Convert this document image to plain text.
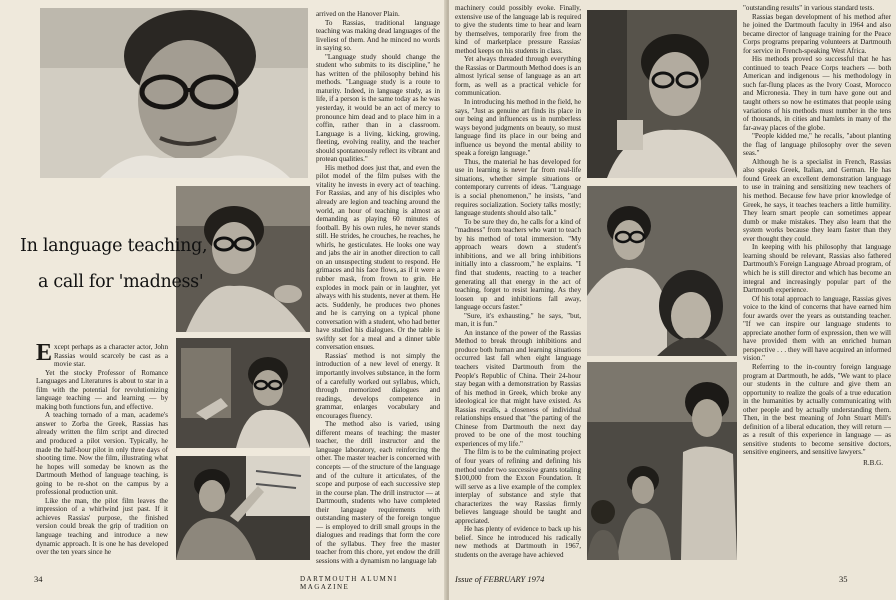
In language teaching,
a call for 'madness'

Except perhaps as a character actor, John Rassias would scarcely be cast as a movie star.

Yet the stocky Professor of Romance Languages and Literatures is about to star in a film with the potential for revolutionizing language teaching — and learning — by making both functions fun, and effective.

A teaching tornado of a man, academe's answer to Zorba the Greek, Rassias has already written the film script and directed and produced a pilot version. Typically, he made the half-hour pilot in only three days of shooting time. Now the film, illustrating what he hopes will someday be known as the Dartmouth Method of language teaching, is going to be re-shot on the campus by a professional production unit.

Like the man, the pilot film leaves the impression of a whirlwind just past. If it achieves Rassias' purpose, the finished version could break the grip of tradition on language teaching and introduce a new dynamic approach. It is one he has developed over the ten years since he

arrived on the Hanover Plain.

To Rassias, traditional language teaching was making dead languages of the liveliest of them. And he minced no words in saying so.

"Language study should change the student who submits to its discipline," he has written of the philosophy behind his methods. "Language study is a route to maturity. Indeed, in language study, as in life, if a person is the same today as he was yesterday, it would be an act of mercy to pronounce him dead and to place him in a coffin, rather than in a classroom. Language is a living, kicking, growing, fleeting, evolving reality, and the teacher should spontaneously reflect its vibrant and protean qualities."

His method does just that, and even the pilot model of the film pulses with the vitality he invests in every act of teaching. For Rassias, and any of his disciples who already are legion and teaching around the world, an hour of teaching is almost as demanding as playing 60 minutes of football. By his own rules, he never stands still. He strides, he crouches, he reaches, he whirls, he gesticulates. He looks one way and jabs the air in another direction to call on an unsuspecting student to respond. He grimaces and his face flows, as if it were a rubber mask, from frown to grin. He explodes in mock pain or in laughter, yet always with his students, never at them. He acts. Suddenly, he produces two phones and he is carrying on a typical phone conversation with a student, who had better have studied his dialogues. Or the table is swiftly set for a meal and a dinner table conversation ensues.

Rassias' method is not simply the introduction of a new level of energy. It importantly involves substance, in the form of a carefully worked out syllabus, which, through memorized dialogues and readings, develops competence in grammar, enlarges vocabulary and encourages fluency.

The method also is varied, using different means of teaching: the master teacher, the drill instructor and the language laboratory, each reinforcing the other. The master teacher is concerned with concepts — of the structure of the language and of the culture it articulates, of the scope and purpose of each successive step in the course plan. The drill instructor — at Dartmouth, students who have completed their language requirements with outstanding mastery of the foreign tongue — is employed to drill small groups in the dialogues and readings that form the core of the syllabus. They free the master teacher from this chore, yet endow the drill sessions with a dynamism no language lab

34	DARTMOUTH ALUMNI MAGAZINE

machinery could possibly evoke. Finally, extensive use of the language lab is required to give the students time to hear and learn by themselves, temporarily free from the kind of marketplace pressure Rassias' method keeps on his students in class.

Yet always threaded through everything the Rassias or Dartmouth Method does is an almost lyrical sense of language as an art form, as well as a practical vehicle for communication.

In introducing his method in the field, he says, "Just as genuine art finds its place in our being and influences us in numberless ways beyond judgments on beauty, so must language find its place in our being and influence us beyond the mental ability to speak a foreign language."

Thus, the material he has developed for use in learning is never far from real-life situations, whether simple situations or contemporary currents of ideas. "Language is a social phenomenon," he insists, "and requires socialization. Society talks mostly; language students should also talk."

To be sure they do, he calls for a kind of "madness" from teachers who want to teach by his method of total immersion. "My approach wears down a student's inhibitions, and we all bring inhibitions initially into a classroom," he explains. "I find that students, reacting to a teacher generating all that energy in the act of teaching, forget to resist learning. As they loosen up and inhibitions fall away, language occurs faster."

"Sure, it's exhausting," he says, "but, man, it is fun."

An instance of the power of the Rassias Method to break through inhibitions and produce both human and learning situations occurred last fall when eight language teachers visited Dartmouth from the People's Republic of China. Their 24-hour stay began with a demonstration by Rassias of his method in Greek, which broke any ideological ice that might have existed. As Rassias recalls, a closeness of individual relationships ensued that "the parting of the Chinese from Dartmouth the next day proved to be one of the most touching experiences of my life."

The film is to be the culminating project of four years of refining and defining his method under two successive grants totaling $100,000 from the Exxon Foundation. It will serve as a live example of the complex interplay of substance and style that characterizes the way Rassias firmly believes language should be taught and appreciated.

He has plenty of evidence to back up his belief. Since he introduced his radically new methods at Dartmouth in 1967, students on the average have achieved

"outstanding results" in various standard tests.

Rassias began development of his method after he joined the Dartmouth faculty in 1964 and also became director of language training for the Peace Corps programs preparing volunteers at Dartmouth for service in French-speaking West Africa.

His methods proved so successful that he has continued to teach Peace Corps teachers — both American and indigenous — his methodology in such far-flung places as the Ivory Coast, Morocco and Micronesia. They in turn have gone out and taught others so now he estimates that people using variations of his methods must number in the tens of thousands, in cities and hamlets in many of the far-away places of the globe.

"People kidded me," he recalls, "about planting the flag of language philosophy over the seven seas."

Although he is a specialist in French, Rassias also speaks Greek, Italian, and German. He has found Greek an excellent demonstration language to use in training and sensitizing new teachers of his method. Because few have prior knowledge of Greek, he says, it teaches teachers a little humility. They learn smart people can sometimes appear dumb or make mistakes. They also learn that the system works because they learn faster than they ever thought they could.

In keeping with his philosophy that language learning should be relevant, Rassias also fathered Dartmouth's Foreign Language Abroad program, of which he is still director and which has become an integral and increasingly popular part of the Dartmouth experience.

Of his total approach to language, Rassias gives voice to the kind of concerns that have earned him four awards over the years as outstanding teacher. "If we can inspire our language students to appreciate another form of expression, then we will have provided them with an enriched human perspective . . . they will have acquired an informed vision."

Referring to the in-country foreign language program at Dartmouth, he adds, "We want to place our students in the culture and give them an opportunity to realize the goals of a true education in the humanities by actually communicating with other people and by actually understanding them. Then, in the best meaning of John Stuart Mill's definition of a liberal education, they will return — as a result of this experience in language — as sensitive students to become sensitive doctors, sensitive engineers, and sensitive lawyers."

R.B.G.
Issue of FEBRUARY 1974	35
